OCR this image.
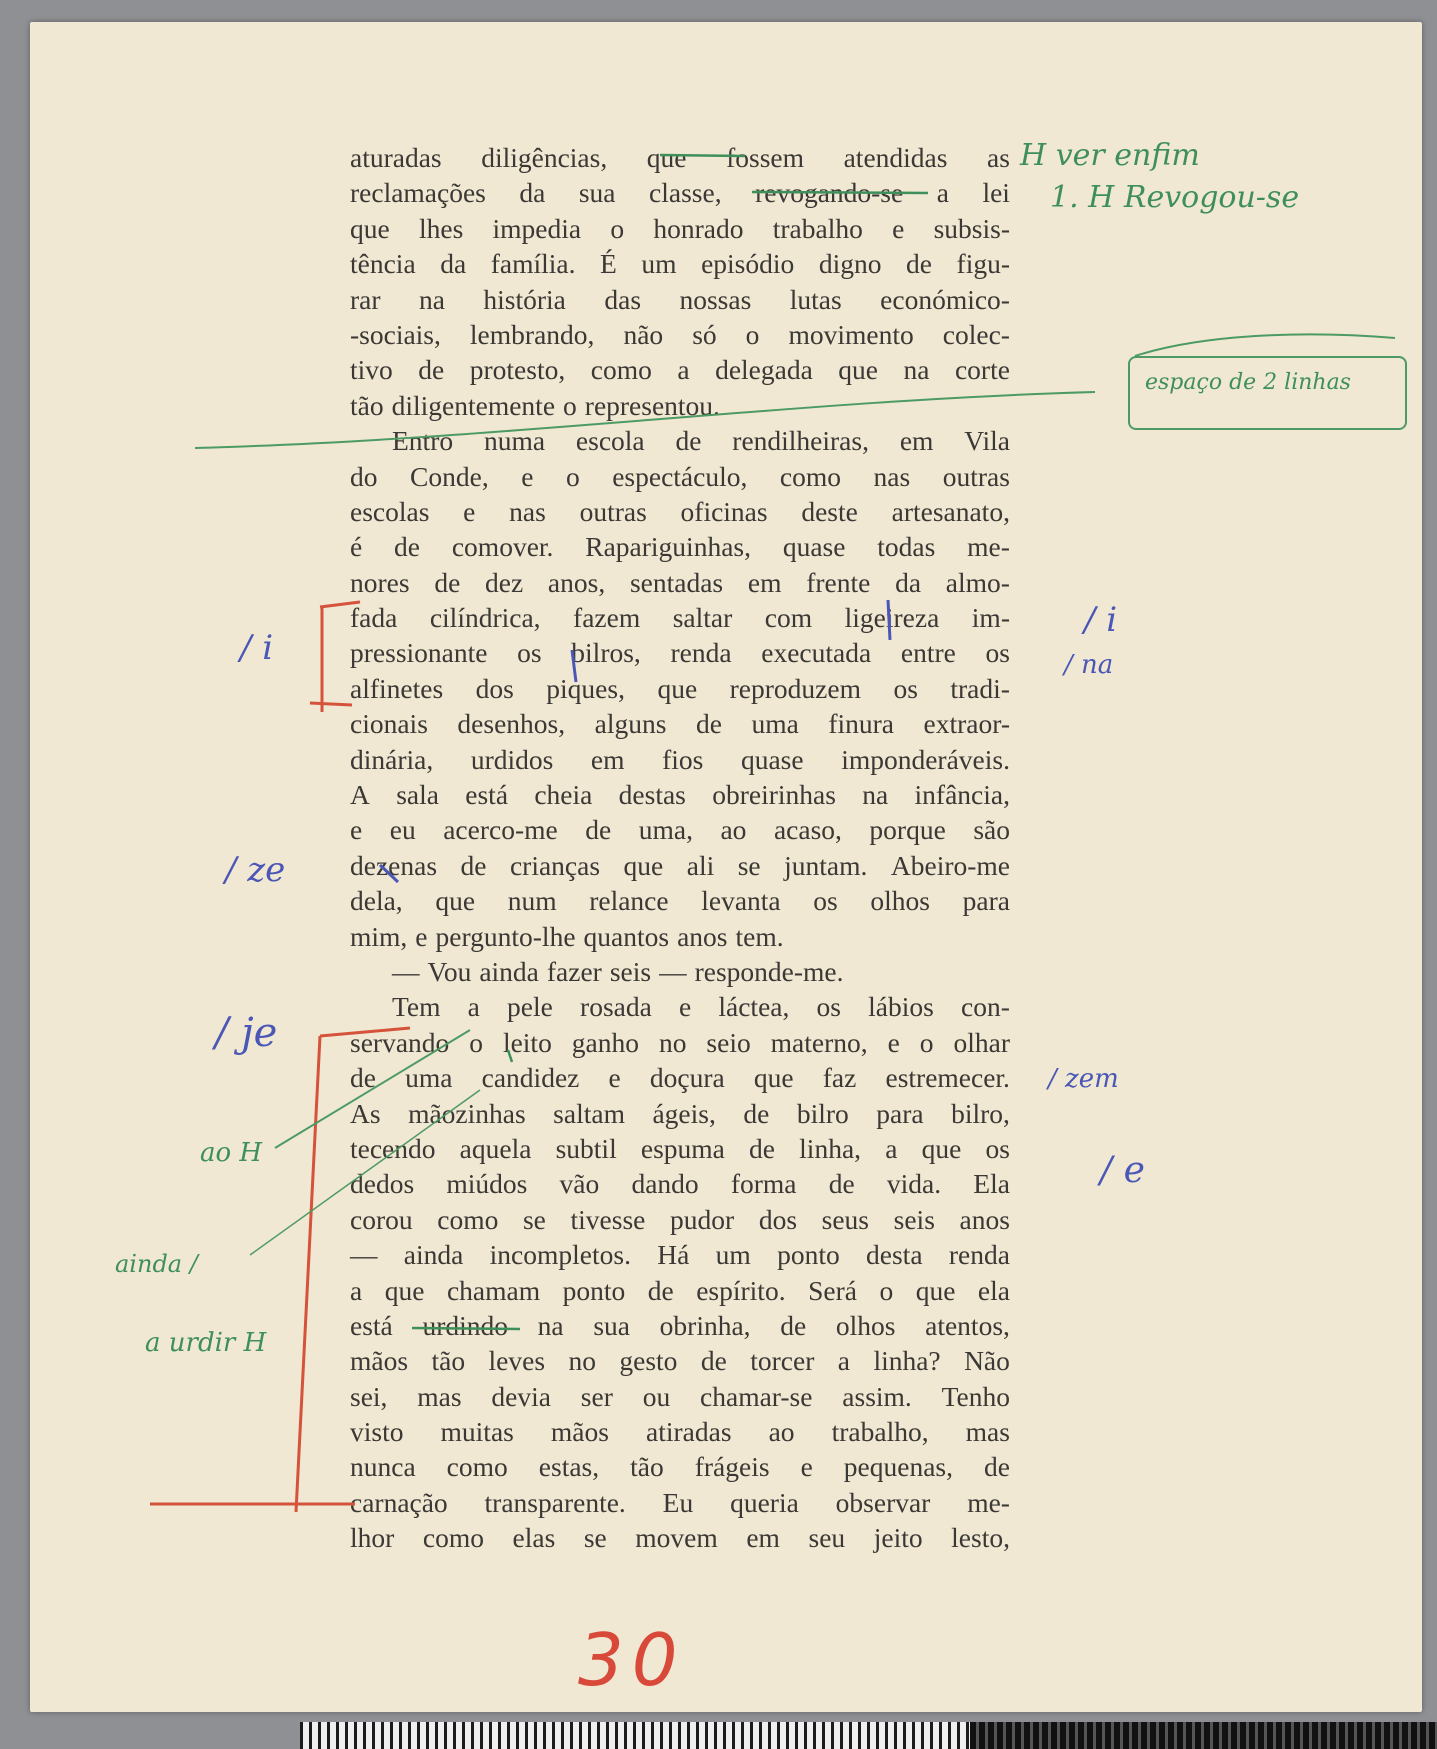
aturadas diligências, que fossem atendidas as
reclamações da sua classe, revogando-se a lei
que lhes impedia o honrado trabalho e subsis-
tência da família. É um episódio digno de figu-
rar na história das nossas lutas económico-
-sociais, lembrando, não só o movimento colec-
tivo de protesto, como a delegada que na corte
tão diligentemente o representou.
Entro numa escola de rendilheiras, em Vila
do Conde, e o espectáculo, como nas outras
escolas e nas outras oficinas deste artesanato,
é de comover. Rapariguinhas, quase todas me-
nores de dez anos, sentadas em frente da almo-
fada cilíndrica, fazem saltar com ligeireza im-
pressionante os bilros, renda executada entre os
alfinetes dos piques, que reproduzem os tradi-
cionais desenhos, alguns de uma finura extraor-
dinária, urdidos em fios quase imponderáveis.
A sala está cheia destas obreirinhas na infância,
e eu acerco-me de uma, ao acaso, porque são
dezenas de crianças que ali se juntam. Abeiro-me
dela, que num relance levanta os olhos para
mim, e pergunto-lhe quantos anos tem.
— Vou ainda fazer seis — responde-me.
Tem a pele rosada e láctea, os lábios con-
servando o leito ganho no seio materno, e o olhar
de uma candidez e doçura que faz estremecer.
As mãozinhas saltam ágeis, de bilro para bilro,
tecendo aquela subtil espuma de linha, a que os
dedos miúdos vão dando forma de vida. Ela
corou como se tivesse pudor dos seus seis anos
— ainda incompletos. Há um ponto desta renda
a que chamam ponto de espírito. Será o que ela
está urdindo na sua obrinha, de olhos atentos,
mãos tão leves no gesto de torcer a linha? Não
sei, mas devia ser ou chamar-se assim. Tenho
visto muitas mãos atiradas ao trabalho, mas
nunca como estas, tão frágeis e pequenas, de
carnação transparente. Eu queria observar me-
lhor como elas se movem em seu jeito lesto,
H ver enfim
1. H Revogou-se
espaço de 2 linhas
/ i
/ na
/ zem
/ e
/ i
/ ze
/ je
ao H
ainda /
a urdir H
30
